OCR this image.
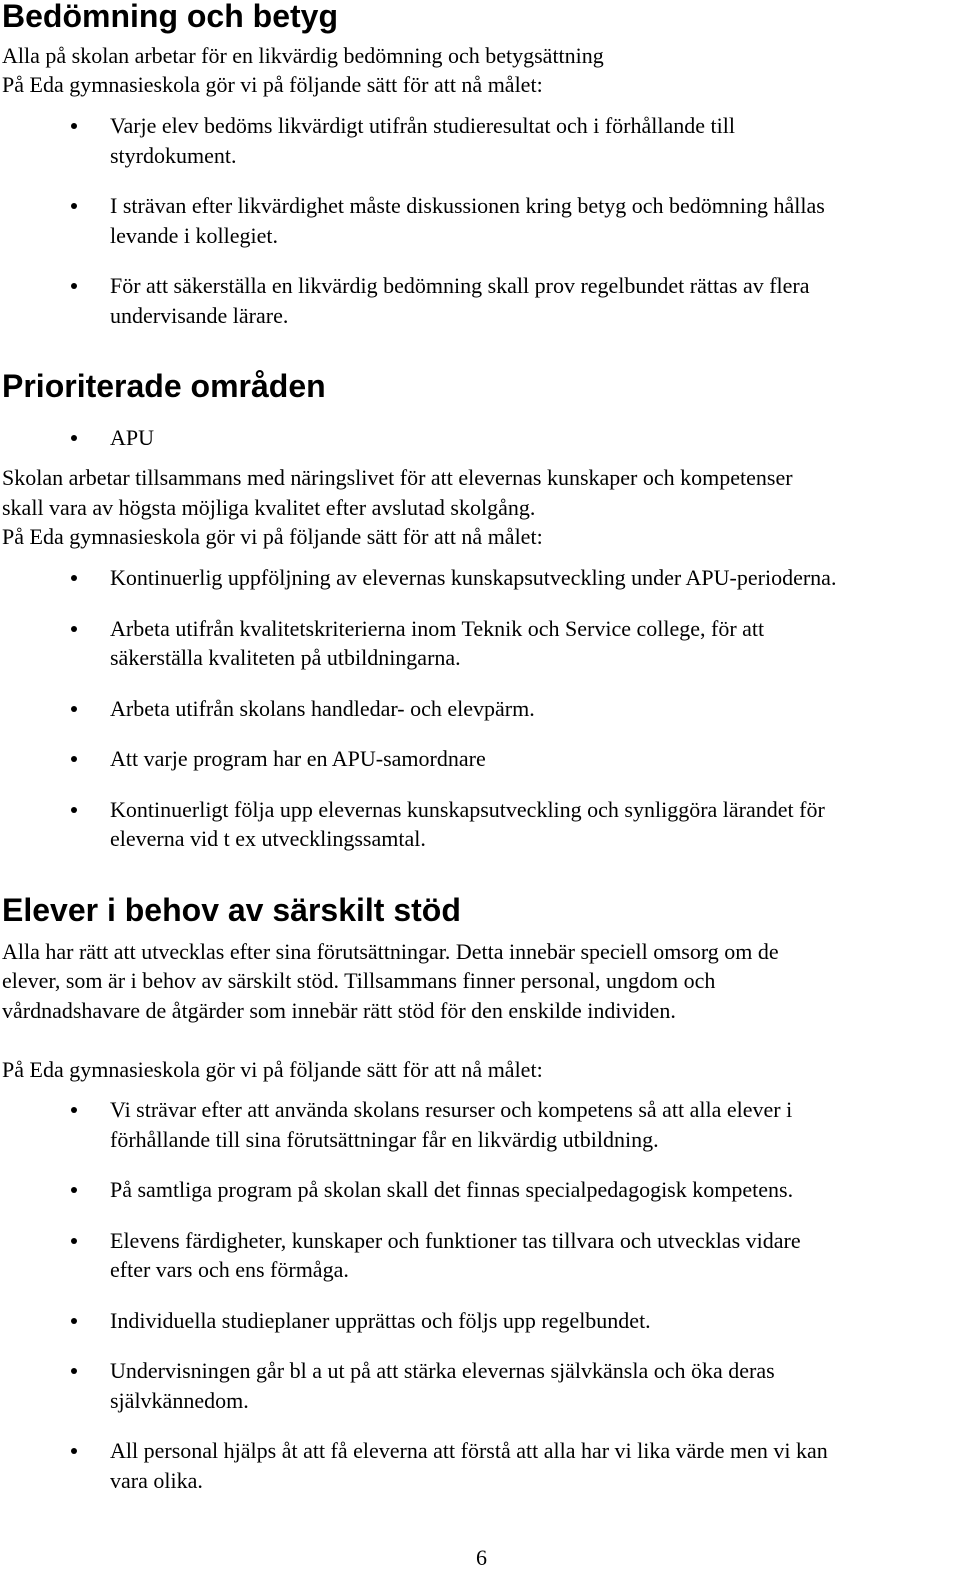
Bedömning och betyg

Alla på skolan arbetar för en likvärdig bedömning och betygsättning

På Eda gymnasieskola gör vi på följande sätt för att nå målet:

Varje elev bedöms likvärdigt utifrån studieresultat och i förhållande till
styrdokument.
I strävan efter likvärdighet måste diskussionen kring betyg och bedömning hållas
levande i kollegiet.
För att säkerställa en likvärdig bedömning skall prov regelbundet rättas av flera
undervisande lärare.
Prioriterade områden
APU

Skolan arbetar tillsammans med näringslivet för att elevernas kunskaper och kompetenser

skall vara av högsta möjliga kvalitet efter avslutad skolgång.

På Eda gymnasieskola gör vi på följande sätt för att nå målet:

Kontinuerlig uppföljning av elevernas kunskapsutveckling under APU-perioderna.
Arbeta utifrån kvalitetskriterierna inom Teknik och Service college, för att
säkerställa kvaliteten på utbildningarna.
Arbeta utifrån skolans handledar- och elevpärm.
Att varje program har en APU-samordnare
Kontinuerligt följa upp elevernas kunskapsutveckling och synliggöra lärandet för
eleverna vid t ex utvecklingssamtal.
Elever i behov av särskilt stöd

Alla har rätt att utvecklas efter sina förutsättningar. Detta innebär speciell omsorg om de

elever, som är i behov av särskilt stöd. Tillsammans finner personal, ungdom och

vårdnadshavare de åtgärder som innebär rätt stöd för den enskilde individen.

På Eda gymnasieskola gör vi på följande sätt för att nå målet:

Vi strävar efter att använda skolans resurser och kompetens så att alla elever i
förhållande till sina förutsättningar får en likvärdig utbildning.
På samtliga program på skolan skall det finnas specialpedagogisk kompetens.
Elevens färdigheter, kunskaper och funktioner tas tillvara och utvecklas vidare
efter vars och ens förmåga.
Individuella studieplaner upprättas och följs upp regelbundet.
Undervisningen går bl a ut på att stärka elevernas självkänsla och öka deras
självkännedom.
All personal hjälps åt att få eleverna att förstå att alla har vi lika värde men vi kan
vara olika.
6
